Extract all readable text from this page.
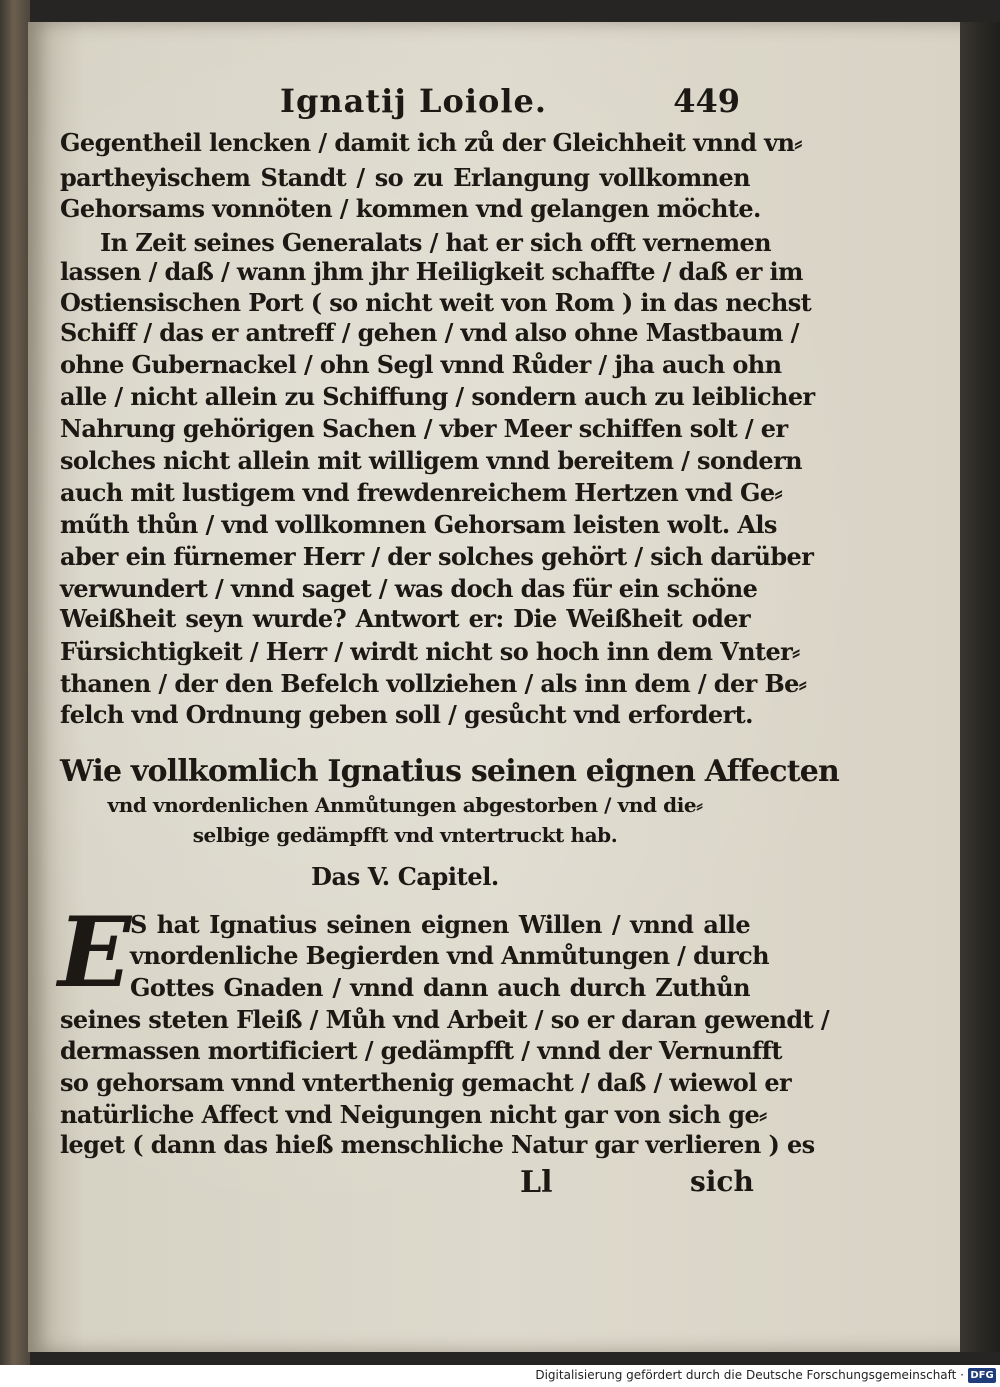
Ignatij Loiole.	449
Gegentheil lencken / damit ich zů der Gleichheit vnnd vn⸗
partheyischem Standt / so zu Erlangung vollkomnen
Gehorsams vonnöten / kommen vnd gelangen möchte.
In Zeit seines Generalats / hat er sich offt vernemen
lassen / daß / wann jhm jhr Heiligkeit schaffte / daß er im
Ostiensischen Port ( so nicht weit von Rom ) in das nechst
Schiff / das er antreff / gehen / vnd also ohne Mastbaum /
ohne Gubernackel / ohn Segl vnnd Růder / jha auch ohn
alle / nicht allein zu Schiffung / sondern auch zu leiblicher
Nahrung gehörigen Sachen / vber Meer schiffen solt / er
solches nicht allein mit willigem vnnd bereitem / sondern
auch mit lustigem vnd frewdenreichem Hertzen vnd Ge⸗
műth thůn / vnd vollkomnen Gehorsam leisten wolt. Als
aber ein fürnemer Herr / der solches gehört / sich darüber
verwundert / vnnd saget / was doch das für ein schöne
Weißheit seyn wurde? Antwort er: Die Weißheit oder
Fürsichtigkeit / Herr / wirdt nicht so hoch inn dem Vnter⸗
thanen / der den Befelch vollziehen / als inn dem / der Be⸗
felch vnd Ordnung geben soll / gesůcht vnd erfordert.
Wie vollkomlich Ignatius seinen eignen Affecten
vnd vnordenlichen Anmůtungen abgestorben / vnd die⸗
selbige gedämpfft vnd vntertruckt hab.
Das V. Capitel.
E
S hat Ignatius seinen eignen Willen / vnnd alle
vnordenliche Begierden vnd Anmůtungen / durch
Gottes Gnaden / vnnd dann auch durch Zuthůn
seines steten Fleiß / Můh vnd Arbeit / so er daran gewendt /
dermassen mortificiert / gedämpfft / vnnd der Vernunfft
so gehorsam vnnd vnterthenig gemacht / daß / wiewol er
natürliche Affect vnd Neigungen nicht gar von sich ge⸗
leget ( dann das hieß menschliche Natur gar verlieren ) es
Ll	sich
Digitalisierung gefördert durch die Deutsche Forschungsgemeinschaft · DFG
